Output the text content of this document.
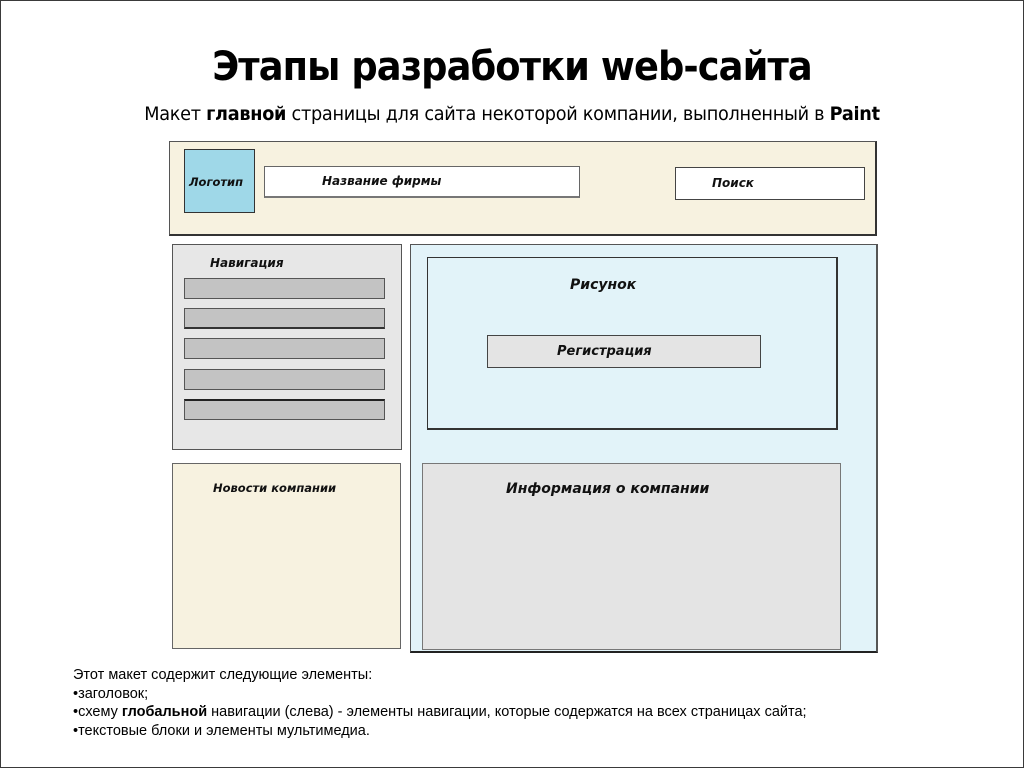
Этапы разработки web-сайта
Макет главной страницы для сайта некоторой компании, выполненный в Paint
Логотип	Название фирмы	Поиск
Навигация
Новости компании
Рисунок
Регистрация
Информация о компании
Этот макет содержит следующие элементы:
•заголовок;
•схему глобальной навигации (слева) - элементы навигации, которые содержатся на всех страницах сайта;
•текстовые блоки и элементы мультимедиа.
